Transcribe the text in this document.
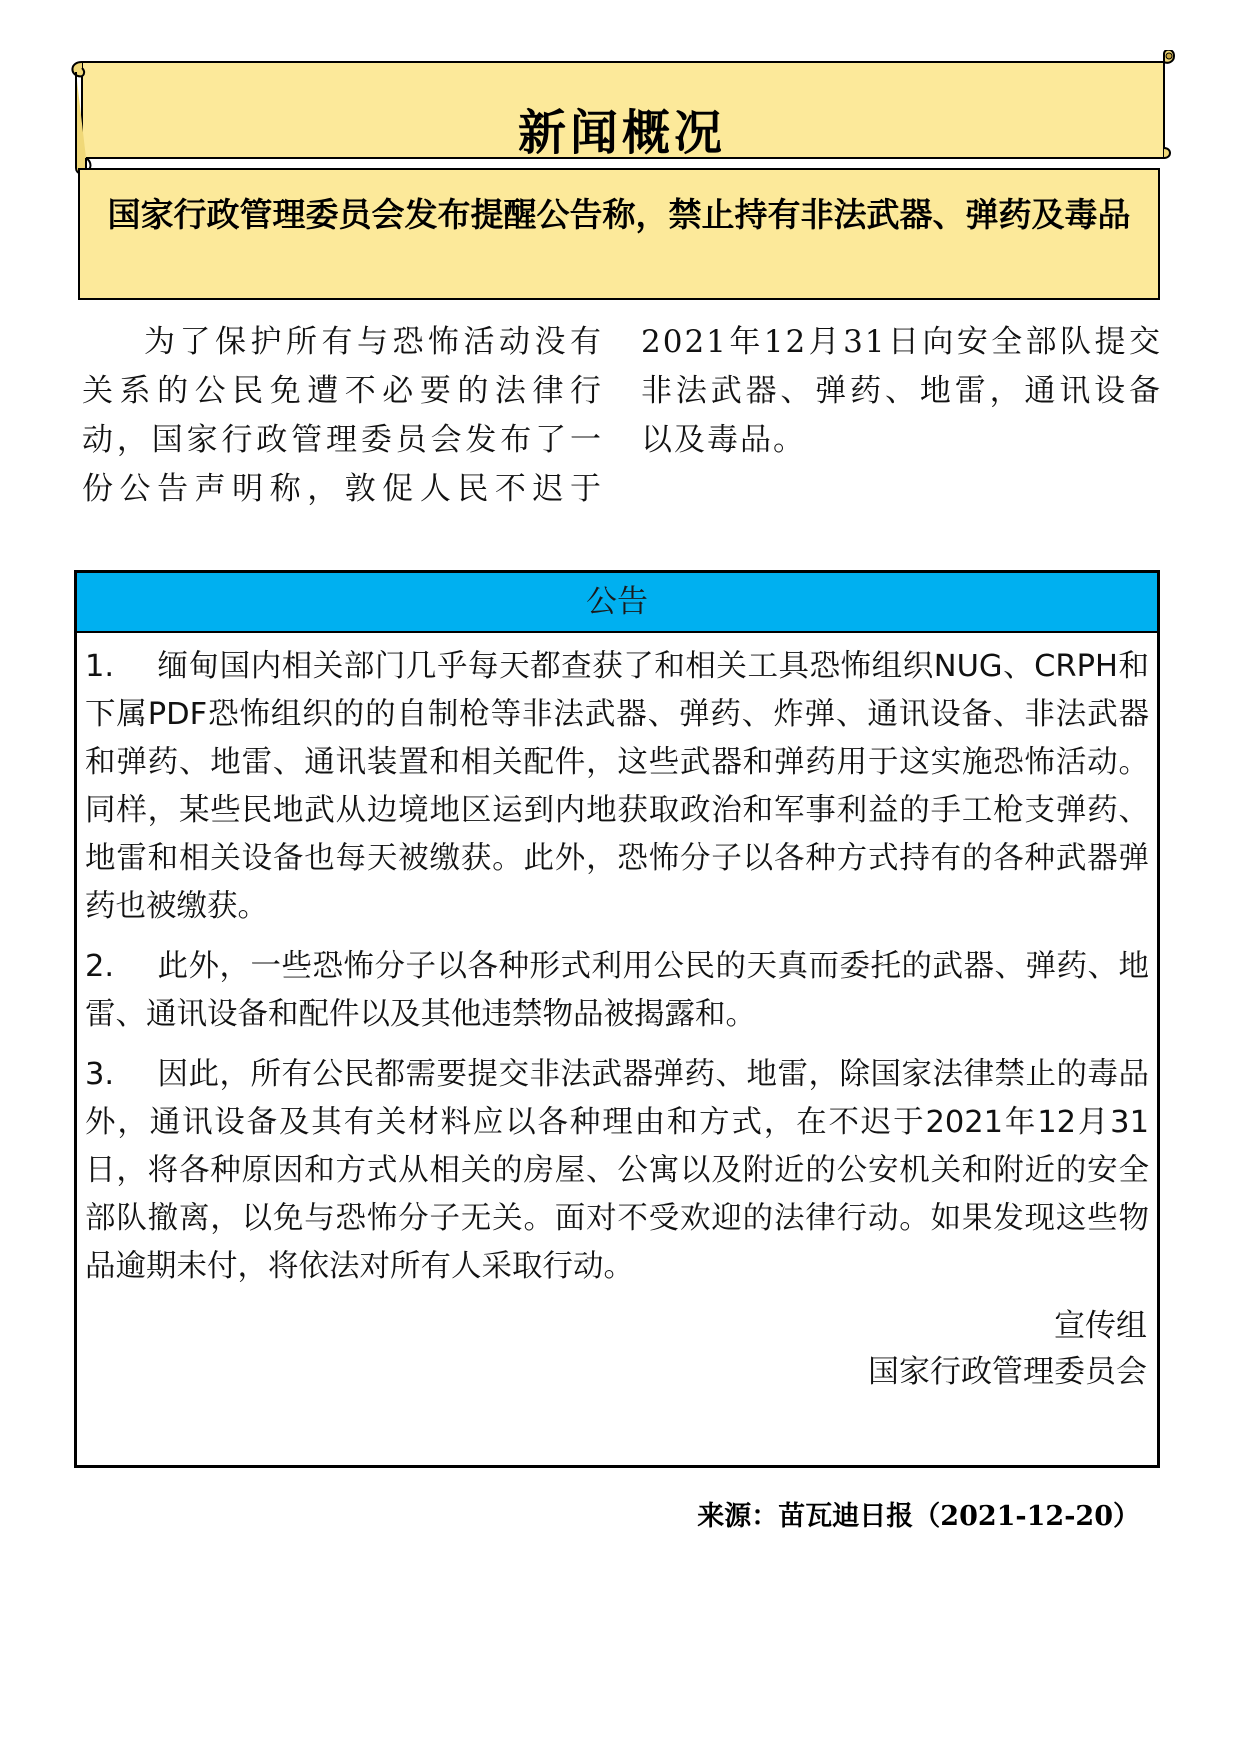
新闻概况

国家行政管理委员会发布提醒公告称，禁止持有非法武器、弹药及毒品

为了保护所有与恐怖活动没有关系的公民免遭不必要的法律行动，国家行政管理委员会发布了一份公告声明称，敦促人民不迟于2021年12月31日向安全部队提交非法武器、弹药、地雷，通讯设备以及毒品。

公告

1. 缅甸国内相关部门几乎每天都查获了和相关工具恐怖组织NUG、CRPH和下属PDF恐怖组织的的自制枪等非法武器、弹药、炸弹、通讯设备、非法武器和弹药、地雷、通讯装置和相关配件，这些武器和弹药用于这实施恐怖活动。同样，某些民地武从边境地区运到内地获取政治和军事利益的手工枪支弹药、地雷和相关设备也每天被缴获。此外，恐怖分子以各种方式持有的各种武器弹药也被缴获。

2. 此外，一些恐怖分子以各种形式利用公民的天真而委托的武器、弹药、地雷、通讯设备和配件以及其他违禁物品被揭露和。

3. 因此，所有公民都需要提交非法武器弹药、地雷，除国家法律禁止的毒品外，通讯设备及其有关材料应以各种理由和方式，在不迟于2021年12月31日，将各种原因和方式从相关的房屋、公寓以及附近的公安机关和附近的安全部队撤离，以免与恐怖分子无关。面对不受欢迎的法律行动。如果发现这些物品逾期未付，将依法对所有人采取行动。

宣传组

国家行政管理委员会

来源：苗瓦迪日报（2021-12-20）
